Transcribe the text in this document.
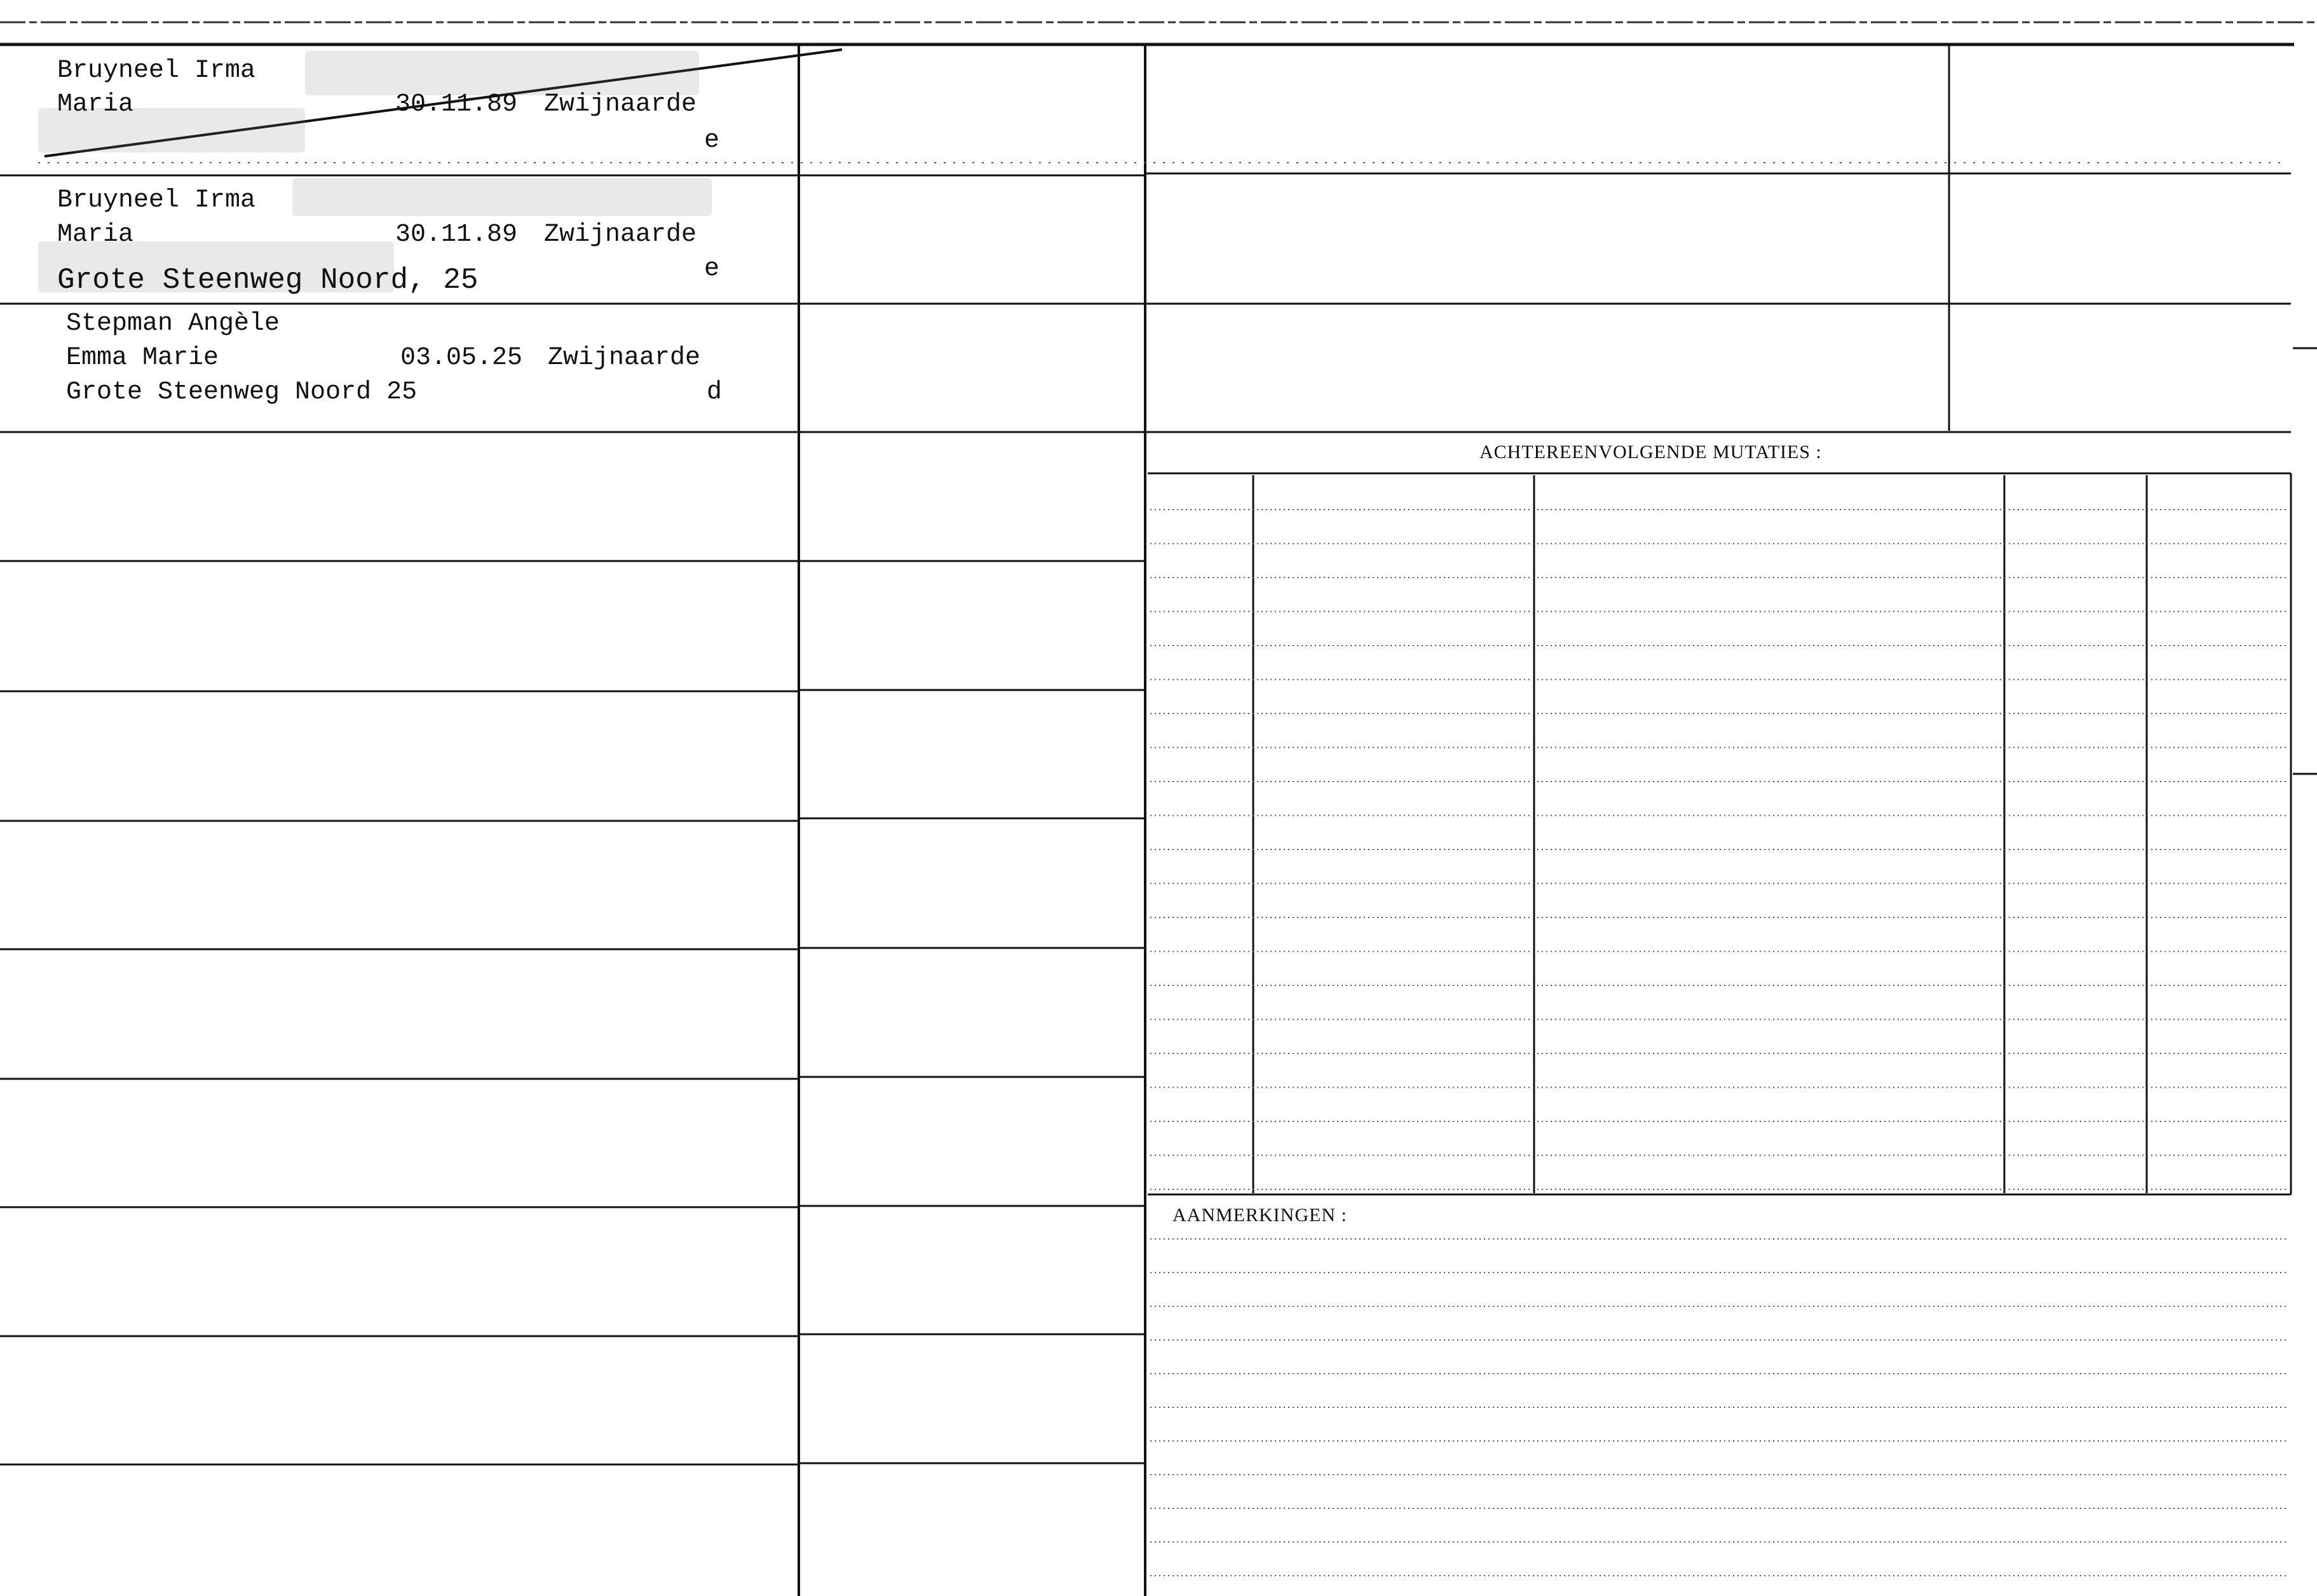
Bruyneel Irma
Maria	30.11.89 Zwijnaarde
e
Bruyneel Irma
Maria	30.11.89 Zwijnaarde
e
Grote Steenweg Noord, 25
Stepman Angèle
Emma Marie	03.05.25 Zwijnaarde
Grote Steenweg Noord 25	d
ACHTEREENVOLGENDE MUTATIES :
AANMERKINGEN :
